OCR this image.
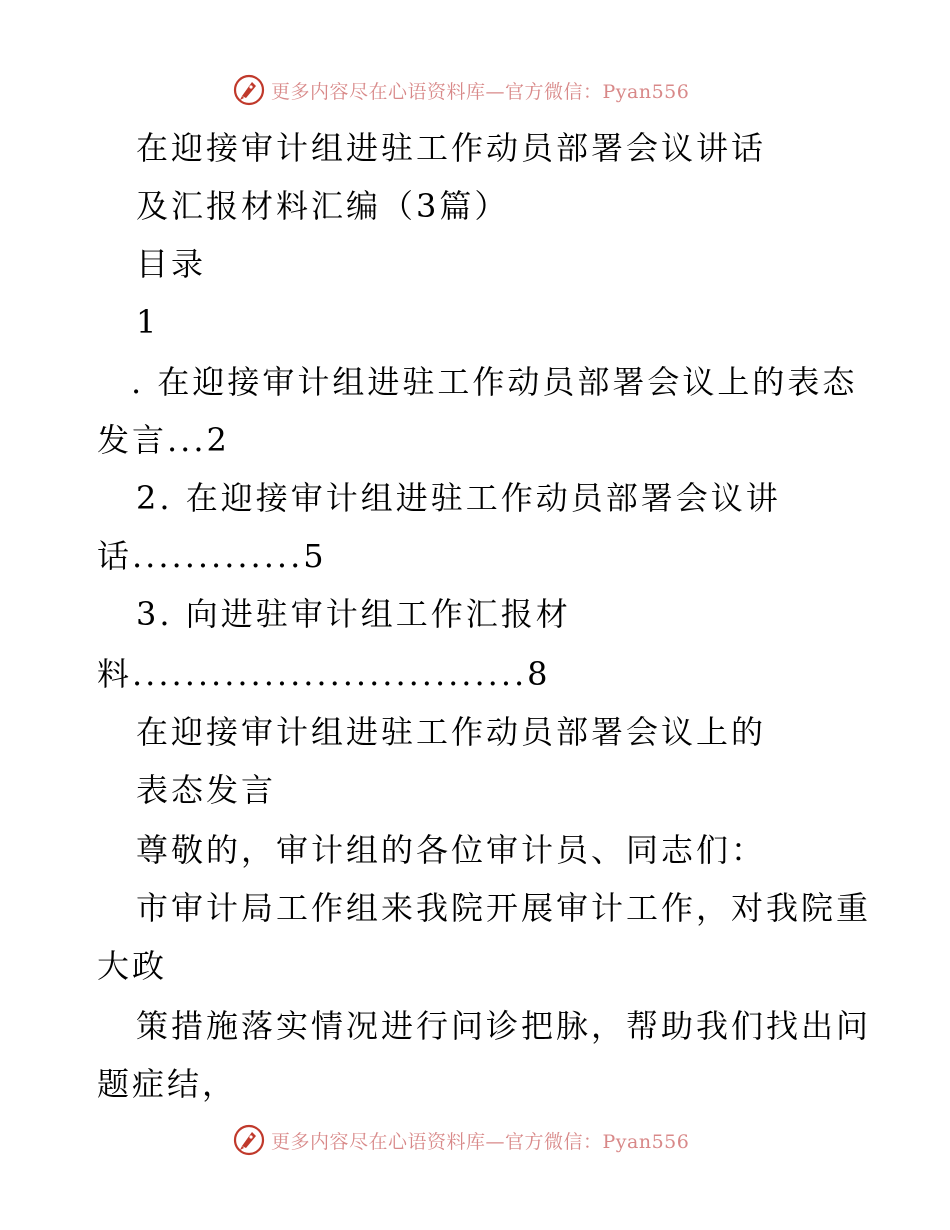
更多内容尽在心语资料库—官方微信：Pyan556
在迎接审计组进驻工作动员部署会议讲话
及汇报材料汇编（3篇）
目录
1
. 在迎接审计组进驻工作动员部署会议上的表态
发言...2
2. 在迎接审计组进驻工作动员部署会议讲
话.............5
3. 向进驻审计组工作汇报材
料..............................8
在迎接审计组进驻工作动员部署会议上的
表态发言
尊敬的，审计组的各位审计员、同志们：
市审计局工作组来我院开展审计工作，对我院重
大政
策措施落实情况进行问诊把脉，帮助我们找出问
题症结，
更多内容尽在心语资料库—官方微信：Pyan556
